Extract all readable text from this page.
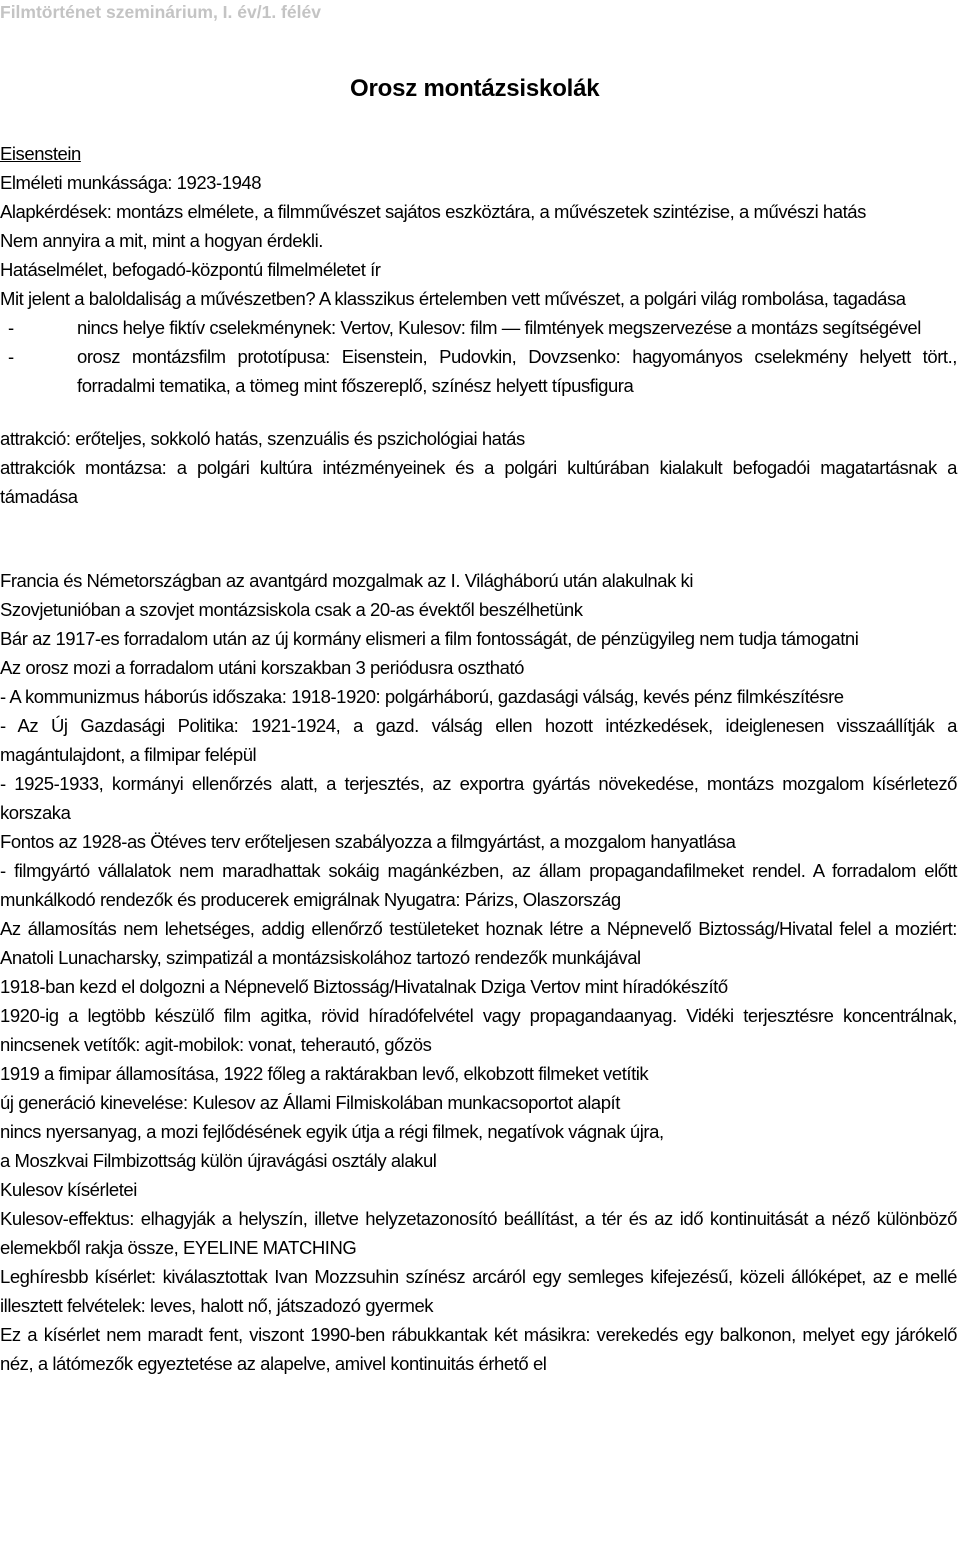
Filmtörténet szeminárium, I. év/1. félév
Orosz montázsiskolák

Eisenstein

Elméleti munkássága: 1923-1948

Alapkérdések: montázs elmélete, a filmművészet sajátos eszköztára, a művészetek szintézise, a művészi hatás

Nem annyira a mit, mint a hogyan érdekli.

Hatáselmélet, befogadó-központú filmelméletet ír

Mit jelent a baloldaliság a művészetben? A klasszikus értelemben vett művészet, a polgári világ rombolása, tagadása

-	nincs helye fiktív cselekménynek: Vertov, Kulesov: film — filmtények megszervezése a montázs segítségével
-	orosz montázsfilm prototípusa: Eisenstein, Pudovkin, Dovzsenko: hagyományos cselekmény helyett tört., forradalmi tematika, a tömeg mint főszereplő, színész helyett típusfigura

attrakció: erőteljes, sokkoló hatás, szenzuális és pszichológiai hatás

attrakciók montázsa: a polgári kultúra intézményeinek és a polgári kultúrában kialakult befogadói magatartásnak a támadása

Francia és Németországban az avantgárd mozgalmak az I. Világháború után alakulnak ki

Szovjetunióban a szovjet montázsiskola csak a 20-as évektől beszélhetünk

Bár az 1917-es forradalom után az új kormány elismeri a film fontosságát, de pénzügyileg nem tudja támogatni

Az orosz mozi a forradalom utáni korszakban 3 periódusra osztható

- A kommunizmus háborús időszaka: 1918-1920: polgárháború, gazdasági válság, kevés pénz filmkészítésre

- Az Új Gazdasági Politika: 1921-1924, a gazd. válság ellen hozott intézkedések, ideiglenesen visszaállítják a magántulajdont, a filmipar felépül

- 1925-1933, kormányi ellenőrzés alatt, a terjesztés, az exportra gyártás növekedése, montázs mozgalom kísérletező korszaka

Fontos az 1928-as Ötéves terv erőteljesen szabályozza a filmgyártást, a mozgalom hanyatlása

- filmgyártó vállalatok nem maradhattak sokáig magánkézben, az állam propagandafilmeket rendel. A forradalom előtt munkálkodó rendezők és producerek emigrálnak Nyugatra: Párizs, Olaszország

Az államosítás nem lehetséges, addig ellenőrző testületeket hoznak létre a Népnevelő Biztosság/Hivatal felel a moziért: Anatoli Lunacharsky, szimpatizál a montázsiskolához tartozó rendezők munkájával

1918-ban kezd el dolgozni a Népnevelő Biztosság/Hivatalnak Dziga Vertov mint híradókészítő

1920-ig a legtöbb készülő film agitka, rövid híradófelvétel vagy propagandaanyag. Vidéki terjesztésre koncentrálnak, nincsenek vetítők: agit-mobilok: vonat, teherautó, gőzös

1919 a fimipar államosítása, 1922 főleg a raktárakban levő, elkobzott filmeket vetítik

új generáció kinevelése: Kulesov az Állami Filmiskolában munkacsoportot alapít

nincs nyersanyag, a mozi fejlődésének egyik útja a régi filmek, negatívok vágnak újra,

a Moszkvai Filmbizottság külön újravágási osztály alakul

Kulesov kísérletei

Kulesov-effektus: elhagyják a helyszín, illetve helyzetazonosító beállítást, a tér és az idő kontinuitását a néző különböző elemekből rakja össze, EYELINE MATCHING

Leghíresbb kísérlet: kiválasztottak Ivan Mozzsuhin színész arcáról egy semleges kifejezésű, közeli állóképet, az e mellé illesztett felvételek: leves, halott nő, játszadozó gyermek

Ez a kísérlet nem maradt fent, viszont 1990-ben rábukkantak két másikra: verekedés egy balkonon, melyet egy járókelő néz, a látómezők egyeztetése az alapelve, amivel kontinuitás érhető el
